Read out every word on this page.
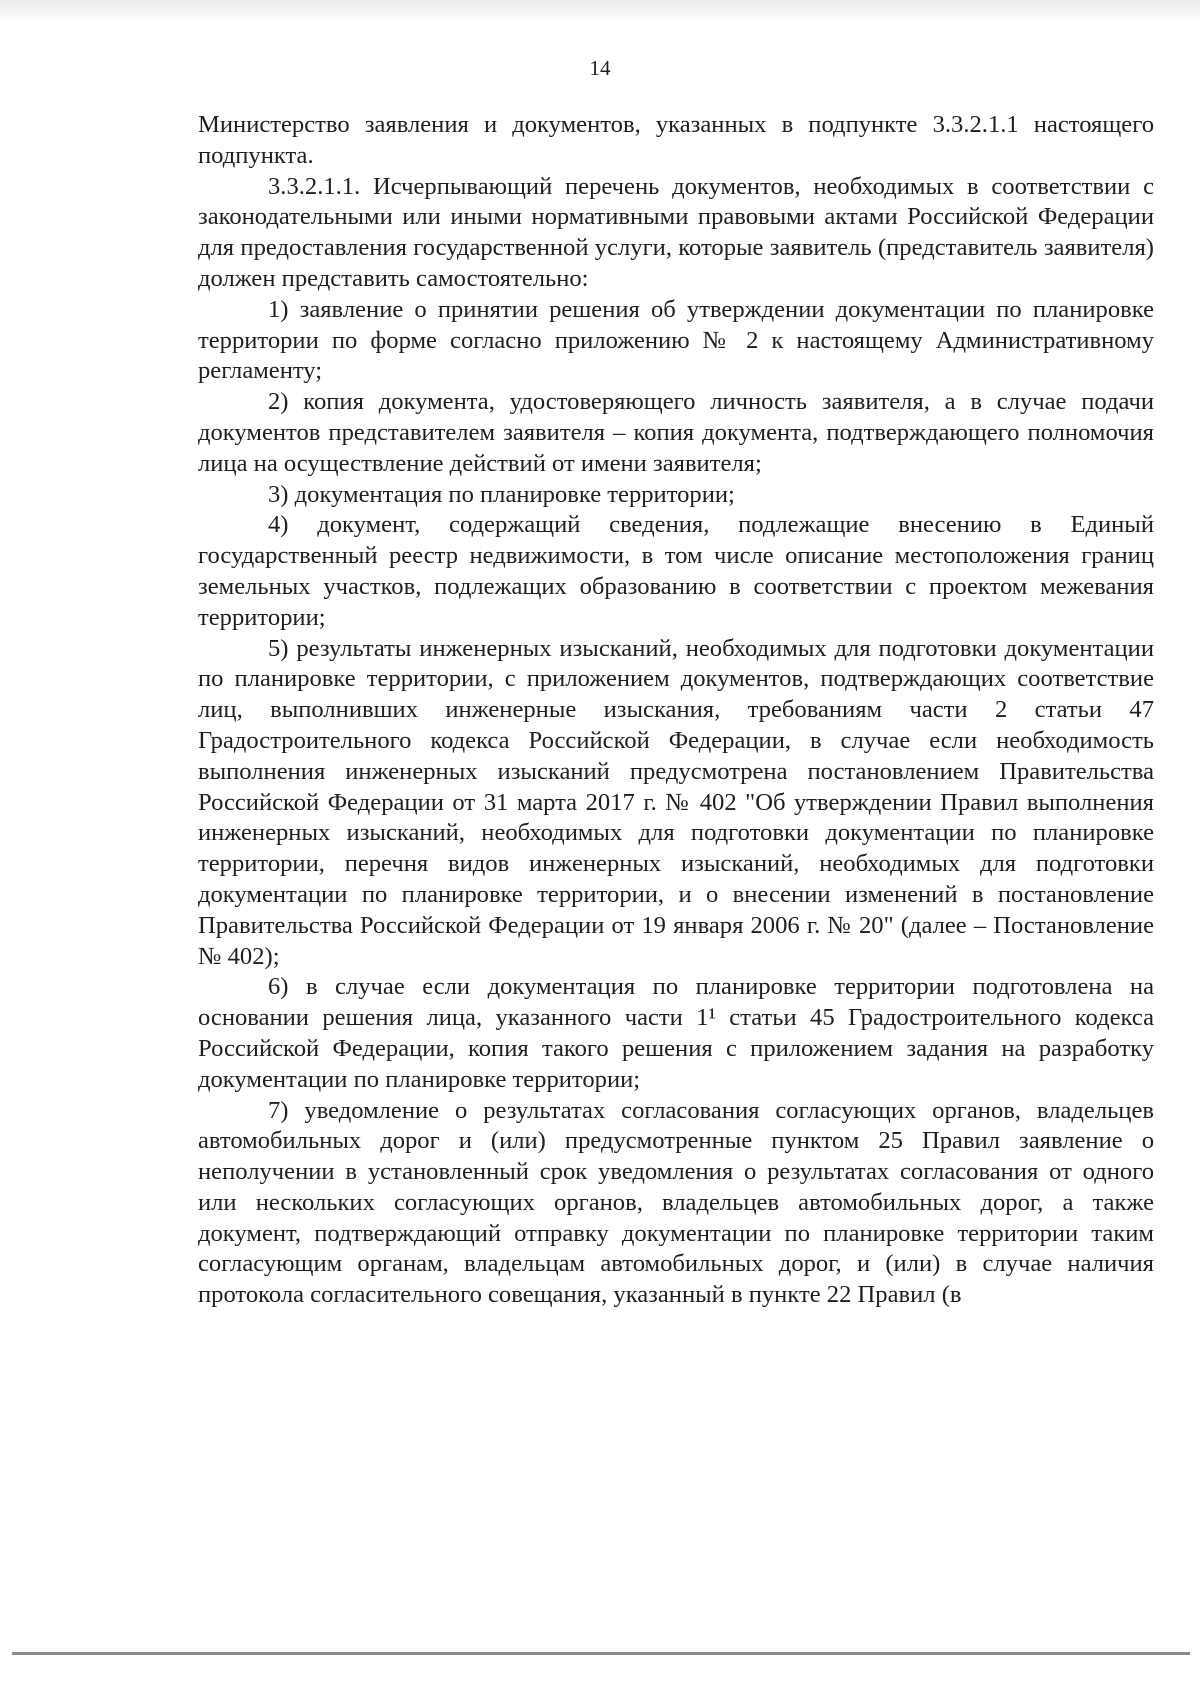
14

Министерство заявления и документов, указанных в подпункте 3.3.2.1.1 настоящего подпункта.

3.3.2.1.1. Исчерпывающий перечень документов, необходимых в соответствии с законодательными или иными нормативными правовыми актами Российской Федерации для предоставления государственной услуги, которые заявитель (представитель заявителя) должен представить самостоятельно:

1) заявление о принятии решения об утверждении документации по планировке территории по форме согласно приложению № 2 к настоящему Административному регламенту;

2) копия документа, удостоверяющего личность заявителя, а в случае подачи документов представителем заявителя – копия документа, подтверждающего полномочия лица на осуществление действий от имени заявителя;

3) документация по планировке территории;

4) документ, содержащий сведения, подлежащие внесению в Единый государственный реестр недвижимости, в том числе описание местоположения границ земельных участков, подлежащих образованию в соответствии с проектом межевания территории;

5) результаты инженерных изысканий, необходимых для подготовки документации по планировке территории, с приложением документов, подтверждающих соответствие лиц, выполнивших инженерные изыскания, требованиям части 2 статьи 47 Градостроительного кодекса Российской Федерации, в случае если необходимость выполнения инженерных изысканий предусмотрена постановлением Правительства Российской Федерации от 31 марта 2017 г. № 402 "Об утверждении Правил выполнения инженерных изысканий, необходимых для подготовки документации по планировке территории, перечня видов инженерных изысканий, необходимых для подготовки документации по планировке территории, и о внесении изменений в постановление Правительства Российской Федерации от 19 января 2006 г. № 20" (далее – Постановление № 402);

6) в случае если документация по планировке территории подготовлена на основании решения лица, указанного части 1¹ статьи 45 Градостроительного кодекса Российской Федерации, копия такого решения с приложением задания на разработку документации по планировке территории;

7) уведомление о результатах согласования согласующих органов, владельцев автомобильных дорог и (или) предусмотренные пунктом 25 Правил заявление о неполучении в установленный срок уведомления о результатах согласования от одного или нескольких согласующих органов, владельцев автомобильных дорог, а также документ, подтверждающий отправку документации по планировке территории таким согласующим органам, владельцам автомобильных дорог, и (или) в случае наличия протокола согласительного совещания, указанный в пункте 22 Правил (в
